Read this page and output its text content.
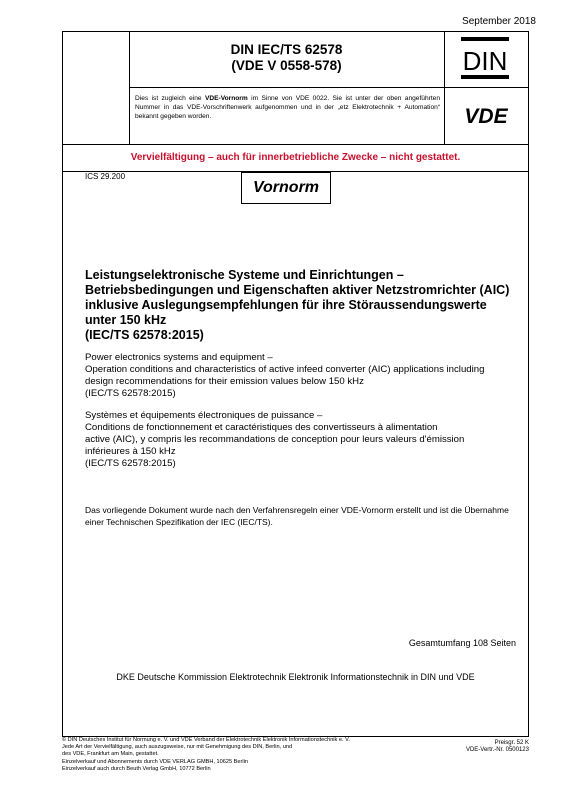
September 2018
DIN IEC/TS 62578
(VDE V 0558-578)
Dies ist zugleich eine VDE-Vornorm im Sinne von VDE 0022. Sie ist unter der oben angeführten Nummer in das VDE-Vorschriftenwerk aufgenommen und in der „etz Elektrotechnik + Automation“ bekannt gegeben worden.
DIN
VDE
Vervielfältigung – auch für innerbetriebliche Zwecke – nicht gestattet.
ICS 29.200
Vornorm
Leistungselektronische Systeme und Einrichtungen –
Betriebsbedingungen und Eigenschaften aktiver Netzstromrichter (AIC)
inklusive Auslegungsempfehlungen für ihre Störaussendungswerte
unter 150 kHz
(IEC/TS 62578:2015)
Power electronics systems and equipment –
Operation conditions and characteristics of active infeed converter (AIC) applications including
design recommendations for their emission values below 150 kHz
(IEC/TS 62578:2015)
Systèmes et équipements électroniques de puissance –
Conditions de fonctionnement et caractéristiques des convertisseurs à alimentation
active (AIC), y compris les recommandations de conception pour leurs valeurs d'émission
inférieures à 150 kHz
(IEC/TS 62578:2015)
Das vorliegende Dokument wurde nach den Verfahrensregeln einer VDE-Vornorm erstellt und ist die Übernahme einer Technischen Spezifikation der IEC (IEC/TS).
Gesamtumfang 108 Seiten
DKE Deutsche Kommission Elektrotechnik Elektronik Informationstechnik in DIN und VDE
© DIN Deutsches Institut für Normung e. V. und VDE Verband der Elektrotechnik Elektronik Informationstechnik e. V.
Jede Art der Vervielfältigung, auch auszugsweise, nur mit Genehmigung des DIN, Berlin, und
des VDE, Frankfurt am Main, gestattet.
Einzelverkauf und Abonnements durch VDE VERLAG GMBH, 10625 Berlin
Einzelverkauf auch durch Beuth Verlag GmbH, 10772 Berlin
Preisgr. 52 K
VDE-Vertr.-Nr. 0500123
